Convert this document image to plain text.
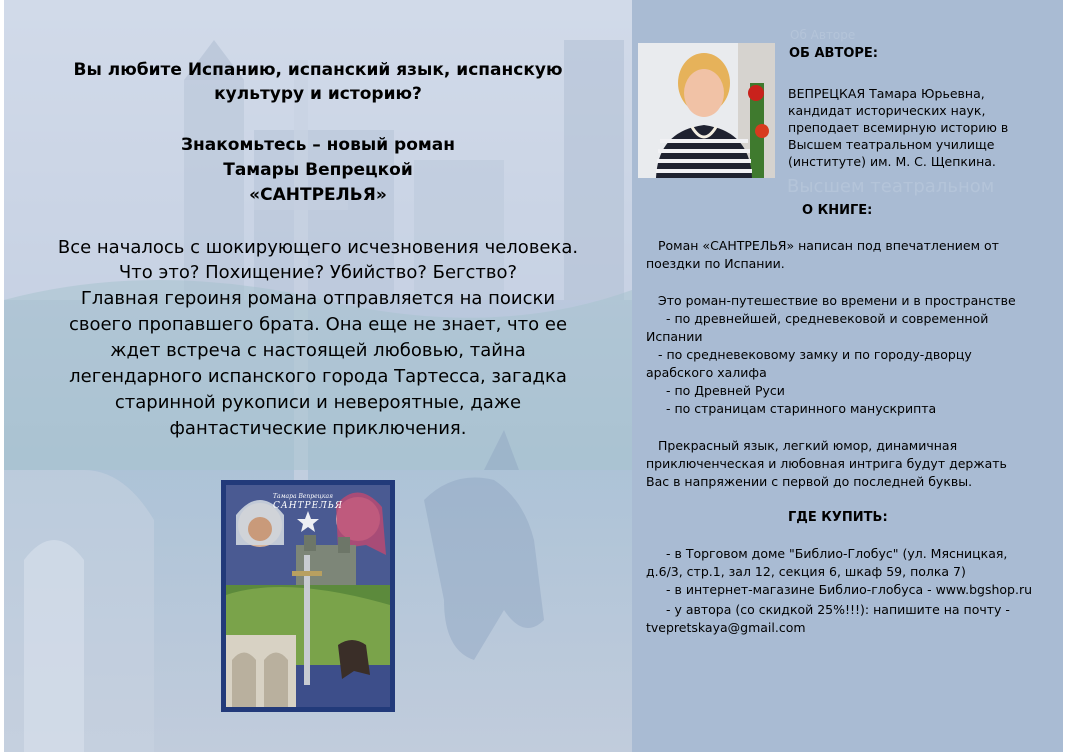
Вы любите Испанию, испанский язык, испанскую
культуру и историю?
Знакомьтесь – новый роман
Тамары Вепрецкой
«САНТРЕЛЬЯ»
Все началось с шокирующего исчезновения человека.
Что это? Похищение? Убийство? Бегство?
Главная героиня романа отправляется на поиски
своего пропавшего брата. Она еще не знает, что ее
ждет встреча с настоящей любовью, тайна
легендарного испанского города Тартесса, загадка
старинной рукописи и невероятные, даже
фантастические приключения.
Тамара Вепрецкая
САНТРЕЛЬЯ
Об Авторе
ОБ АВТОРЕ:
ВЕПРЕЦКАЯ Тамара Юрьевна,
кандидат исторических наук,
преподает всемирную историю в
Высшем театральном училище
(институте) им. М. С. Щепкина.
Высшем театральном
О КНИГЕ:
Роман «САНТРЕЛЬЯ» написан под впечатлением от
поездки по Испании.
Это роман-путешествие во времени и в пространстве
- по древнейшей, средневековой и современной
Испании
- по средневековому замку и по городу-дворцу
арабского халифа
- по Древней Руси
- по страницам старинного манускрипта
Прекрасный язык, легкий юмор, динамичная
приключенческая и любовная интрига будут держать
Вас в напряжении с первой до последней буквы.
ГДЕ КУПИТЬ:
- в Торговом доме "Библио-Глобус" (ул. Мясницкая,
д.6/3, стр.1, зал 12, секция 6, шкаф 59, полка 7)
- в интернет-магазине Библио-глобуса - www.bgshop.ru
- у автора (со скидкой 25%!!!): напишите на почту -
tvepretskaya@gmail.com
